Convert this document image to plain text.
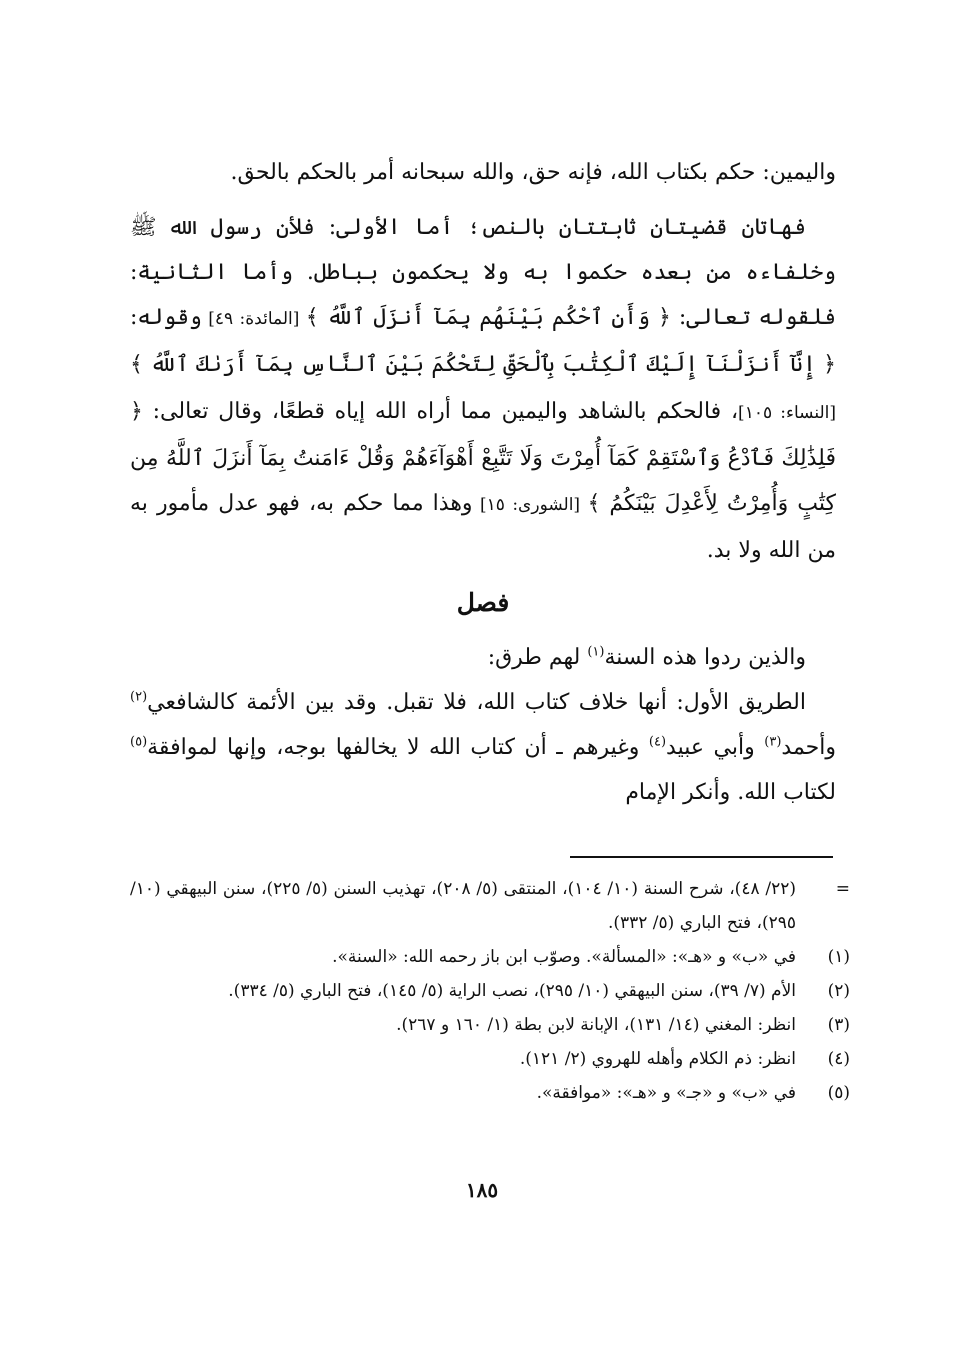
واليمين: حكم بكتاب الله، فإنه حق، والله سبحانه أمر بالحكم بالحق.

فهاتان قضيتان ثابتتان بالنص؛ أما الأولى: فلأن رسول الله ﷺ وخلفاءه من بعده حكموا به ولا يحكمون بباطل. وأما الثانية: فلقوله تعالى: ﴿ وَأَنِ ٱحْكُم بَيْنَهُم بِمَآ أَنزَلَ ٱللَّهُ ﴾ [المائدة: ٤٩] وقوله: ﴿ إِنَّآ أَنزَلْنَآ إِلَيْكَ ٱلْكِتَٰبَ بِٱلْحَقِّ لِتَحْكُمَ بَيْنَ ٱلنَّاسِ بِمَآ أَرَىٰكَ ٱللَّهُ ﴾ [النساء: ١٠٥]، فالحكم بالشاهد واليمين مما أراه الله إياه قطعًا، وقال تعالى: ﴿ فَلِذَٰلِكَ فَٱدْعُ وَٱسْتَقِمْ كَمَآ أُمِرْتَ وَلَا تَتَّبِعْ أَهْوَآءَهُمْ وَقُلْ ءَامَنتُ بِمَآ أَنزَلَ ٱللَّهُ مِن كِتَٰبٍ وَأُمِرْتُ لِأَعْدِلَ بَيْنَكُمُ ﴾ [الشورى: ١٥] وهذا مما حكم به، فهو عدل مأمور به من الله ولا بد.

فصل

والذين ردوا هذه السنة$^{(١)}$ لهم طرق:

الطريق الأول: أنها خلاف كتاب الله، فلا تقبل. وقد بين الأئمة كالشافعي$^{(٢)}$ وأحمد$^{(٣)}$ وأبي عبيد$^{(٤)}$ وغيرهم ـ أن كتاب الله لا يخالفها بوجه، وإنها لموافقة$^{(٥)}$ لكتاب الله. وأنكر الإمام

=
(٢٢/ ٤٨)، شرح السنة (١٠/ ١٠٤)، المنتقى (٥/ ٢٠٨)، تهذيب السنن (٥/ ٢٢٥)، سنن البيهقي (١٠/ ٢٩٥)، فتح الباري (٥/ ٣٣٢).
(١)
في «ب» و «هـ»: «المسألة». وصوّب ابن باز رحمه الله: «السنة».
(٢)
الأم (٧/ ٣٩)، سنن البيهقي (١٠/ ٢٩٥)، نصب الراية (٥/ ١٤٥)، فتح الباري (٥/ ٣٣٤).
(٣)
انظر: المغني (١٤/ ١٣١)، الإبانة لابن بطة (١/ ١٦٠ و ٢٦٧).
(٤)
انظر: ذم الكلام وأهله للهروي (٢/ ١٢١).
(٥)
في «ب» و «جـ» و «هـ»: «موافقة».
١٨٥
